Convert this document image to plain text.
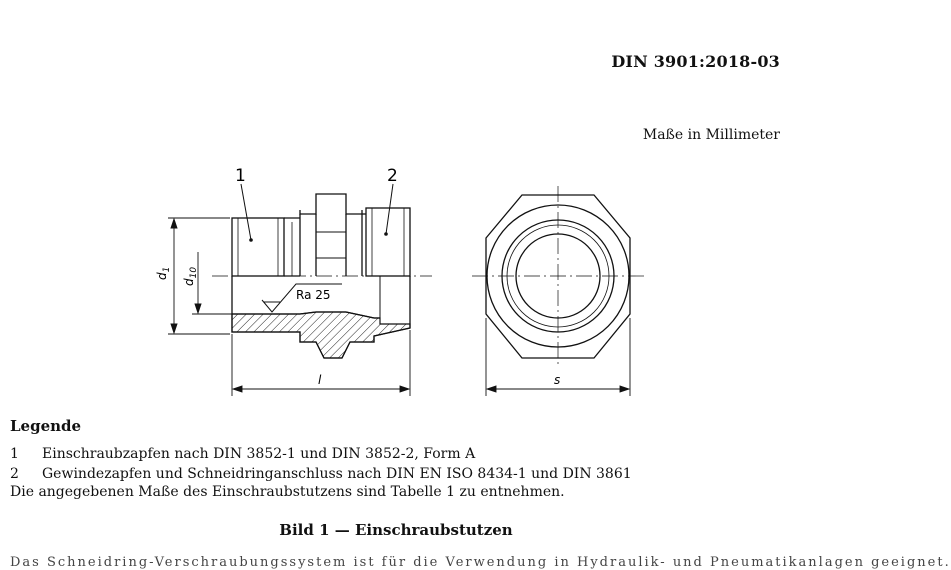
DIN 3901:2018-03
Maße in Millimeter
1	2
$d_1$
$d_{10}$
Ra 25
l	s
Legende
1	Einschraubzapfen nach DIN 3852-1 und DIN 3852-2, Form A
2	Gewindezapfen und Schneidringanschluss nach DIN EN ISO 8434-1 und DIN 3861
Die angegebenen Maße des Einschraubstutzens sind Tabelle 1 zu entnehmen.
Bild 1 — Einschraubstutzen
Das Schneidring-Verschraubungssystem ist für die Verwendung in Hydraulik- und Pneumatikanlagen geeignet.
